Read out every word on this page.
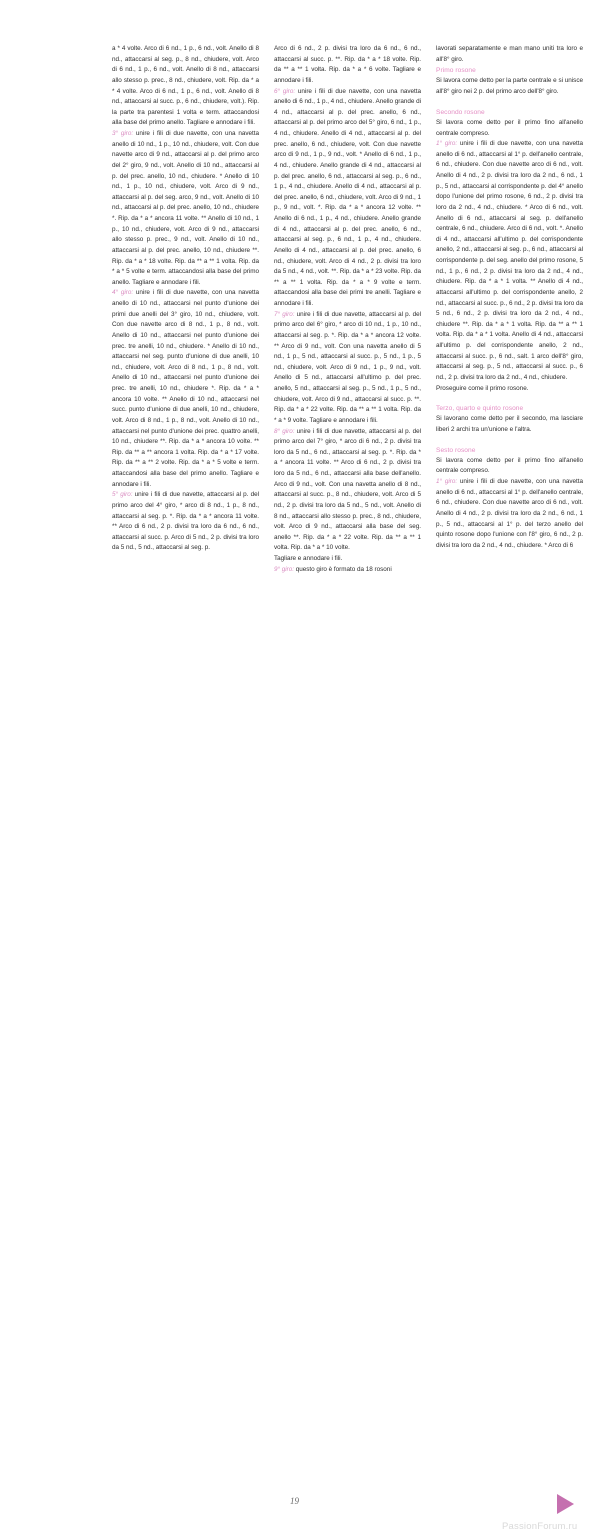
a * 4 volte. Arco di 6 nd., 1 p., 6 nd., volt. Anello di 8 nd., attaccarsi al seg. p., 8 nd., chiudere, volt. Arco di 6 nd., 1 p., 6 nd., volt. Anello di 8 nd., attaccarsi allo stesso p. prec., 8 nd., chiudere, volt. Rip. da * a * 4 volte. Arco di 6 nd., 1 p., 6 nd., volt. Anello di 8 nd., attaccarsi al succ. p., 6 nd., chiudere, volt.). Rip. la parte tra parentesi 1 volta e term. attaccandosi alla base del primo anello. Tagliare e annodare i fili.

3° giro: unire i fili di due navette, con una navetta anello di 10 nd., 1 p., 10 nd., chiudere, volt. Con due navette arco di 9 nd., attaccarsi al p. del primo arco del 2° giro, 9 nd., volt. Anello di 10 nd., attaccarsi al p. del prec. anello, 10 nd., chiudere. * Anello di 10 nd., 1 p., 10 nd., chiudere, volt. Arco di 9 nd., attaccarsi al p. del seg. arco, 9 nd., volt. Anello di 10 nd., attaccarsi al p. del prec. anello, 10 nd., chiudere *. Rip. da * a * ancora 11 volte. ** Anello di 10 nd., 1 p., 10 nd., chiudere, volt. Arco di 9 nd., attaccarsi allo stesso p. prec., 9 nd., volt. Anello di 10 nd., attaccarsi al p. del prec. anello, 10 nd., chiudere **. Rip. da * a * 18 volte. Rip. da ** a ** 1 volta. Rip. da * a * 5 volte e term. attaccandosi alla base del primo anello. Tagliare e annodare i fili.

4° giro: unire i fili di due navette, con una navetta anello di 10 nd., attaccarsi nel punto d'unione dei primi due anelli del 3° giro, 10 nd., chiudere, volt. Con due navette arco di 8 nd., 1 p., 8 nd., volt. Anello di 10 nd., attaccarsi nel punto d'unione dei prec. tre anelli, 10 nd., chiudere. * Anello di 10 nd., attaccarsi nel seg. punto d'unione di due anelli, 10 nd., chiudere, volt. Arco di 8 nd., 1 p., 8 nd., volt. Anello di 10 nd., attaccarsi nel punto d'unione dei prec. tre anelli, 10 nd., chiudere *. Rip. da * a * ancora 10 volte. ** Anello di 10 nd., attaccarsi nel succ. punto d'unione di due anelli, 10 nd., chiudere, volt. Arco di 8 nd., 1 p., 8 nd., volt. Anello di 10 nd., attaccarsi nel punto d'unione dei prec. quattro anelli, 10 nd., chiudere **. Rip. da * a * ancora 10 volte. ** Rip. da ** a ** ancora 1 volta. Rip. da * a * 17 volte. Rip. da ** a ** 2 volte. Rip. da * a * 5 volte e term. attaccandosi alla base del primo anello. Tagliare e annodare i fili.

5° giro: unire i fili di due navette, attaccarsi al p. del primo arco del 4° giro, * arco di 8 nd., 1 p., 8 nd., attaccarsi al seg. p. *. Rip. da * a * ancora 11 volte. ** Arco di 6 nd., 2 p. divisi tra loro da 6 nd., 6 nd., attaccarsi al succ. p. Arco di 5 nd., 2 p. divisi tra loro da 5 nd., 5 nd., attaccarsi al seg. p.

Arco di 6 nd., 2 p. divisi tra loro da 6 nd., 6 nd., attaccarsi al succ. p. **. Rip. da * a * 18 volte. Rip. da ** a ** 1 volta. Rip. da * a * 6 volte. Tagliare e annodare i fili.

6° giro: unire i fili di due navette, con una navetta anello di 6 nd., 1 p., 4 nd., chiudere. Anello grande di 4 nd., attaccarsi al p. del prec. anello, 6 nd., attaccarsi al p. del primo arco del 5° giro, 6 nd., 1 p., 4 nd., chiudere. Anello di 4 nd., attaccarsi al p. del prec. anello, 6 nd., chiudere, volt. Con due navette arco di 9 nd., 1 p., 9 nd., volt. * Anello di 6 nd., 1 p., 4 nd., chiudere. Anello grande di 4 nd., attaccarsi al p. del prec. anello, 6 nd., attaccarsi al seg. p., 6 nd., 1 p., 4 nd., chiudere. Anello di 4 nd., attaccarsi al p. del prec. anello, 6 nd., chiudere, volt. Arco di 9 nd., 1 p., 9 nd., volt. *. Rip. da * a * ancora 12 volte. ** Anello di 6 nd., 1 p., 4 nd., chiudere. Anello grande di 4 nd., attaccarsi al p. del prec. anello, 6 nd., attaccarsi al seg. p., 6 nd., 1 p., 4 nd., chiudere. Anello di 4 nd., attaccarsi al p. del prec. anello, 6 nd., chiudere, volt. Arco di 4 nd., 2 p. divisi tra loro da 5 nd., 4 nd., volt. **. Rip. da * a * 23 volte. Rip. da ** a ** 1 volta. Rip. da * a * 9 volte e term. attaccandosi alla base dei primi tre anelli. Tagliare e annodare i fili.

7° giro: unire i fili di due navette, attaccarsi al p. del primo arco del 6° giro, * arco di 10 nd., 1 p., 10 nd., attaccarsi al seg. p. *. Rip. da * a * ancora 12 volte. ** Arco di 9 nd., volt. Con una navetta anello di 5 nd., 1 p., 5 nd., attaccarsi al succ. p., 5 nd., 1 p., 5 nd., chiudere, volt. Arco di 9 nd., 1 p., 9 nd., volt. Anello di 5 nd., attaccarsi all'ultimo p. del prec. anello, 5 nd., attaccarsi al seg. p., 5 nd., 1 p., 5 nd., chiudere, volt. Arco di 9 nd., attaccarsi al succ. p. **. Rip. da * a * 22 volte. Rip. da ** a ** 1 volta. Rip. da * a * 9 volte. Tagliare e annodare i fili.

8° giro: unire i fili di due navette, attaccarsi al p. del primo arco del 7° giro, * arco di 6 nd., 2 p. divisi tra loro da 5 nd., 6 nd., attaccarsi al seg. p. *. Rip. da * a * ancora 11 volte. ** Arco di 6 nd., 2 p. divisi tra loro da 5 nd., 6 nd., attaccarsi alla base dell'anello. Arco di 9 nd., volt. Con una navetta anello di 8 nd., attaccarsi al succ. p., 8 nd., chiudere, volt. Arco di 5 nd., 2 p. divisi tra loro da 5 nd., 5 nd., volt. Anello di 8 nd., attaccarsi allo stesso p. prec., 8 nd., chiudere, volt. Arco di 9 nd., attaccarsi alla base del seg. anello **. Rip. da * a * 22 volte. Rip. da ** a ** 1 volta. Rip. da * a * 10 volte.

Tagliare e annodare i fili.

9° giro: questo giro è formato da 18 rosoni

lavorati separatamente e man mano uniti tra loro e all'8° giro.

Primo rosone

Si lavora come detto per la parte centrale e si unisce all'8° giro nei 2 p. del primo arco dell'8° giro.

Secondo rosone

Si lavora come detto per il primo fino all'anello centrale compreso.

1° giro: unire i fili di due navette, con una navetta anello di 6 nd., attaccarsi al 1° p. dell'anello centrale, 6 nd., chiudere. Con due navette arco di 6 nd., volt. Anello di 4 nd., 2 p. divisi tra loro da 2 nd., 6 nd., 1 p., 5 nd., attaccarsi al corrispondente p. del 4° anello dopo l'unione del primo rosone, 6 nd., 2 p. divisi tra loro da 2 nd., 4 nd., chiudere. * Arco di 6 nd., volt. Anello di 6 nd., attaccarsi al seg. p. dell'anello centrale, 6 nd., chiudere. Arco di 6 nd., volt. *. Anello di 4 nd., attaccarsi all'ultimo p. del corrispondente anello, 2 nd., attaccarsi al seg. p., 6 nd., attaccarsi al corrispondente p. del seg. anello del primo rosone, 5 nd., 1 p., 6 nd., 2 p. divisi tra loro da 2 nd., 4 nd., chiudere. Rip. da * a * 1 volta. ** Anello di 4 nd., attaccarsi all'ultimo p. del corrispondente anello, 2 nd., attaccarsi al succ. p., 6 nd., 2 p. divisi tra loro da 5 nd., 6 nd., 2 p. divisi tra loro da 2 nd., 4 nd., chiudere **. Rip. da * a * 1 volta. Rip. da ** a ** 1 volta. Rip. da * a * 1 volta. Anello di 4 nd., attaccarsi all'ultimo p. del corrispondente anello, 2 nd., attaccarsi al succ. p., 6 nd., salt. 1 arco dell'8° giro, attaccarsi al seg. p., 5 nd., attaccarsi al succ. p., 6 nd., 2 p. divisi tra loro da 2 nd., 4 nd., chiudere.

Proseguire come il primo rosone.

Terzo, quarto e quinto rosone

Si lavorano come detto per il secondo, ma lasciare liberi 2 archi tra un'unione e l'altra.

Sesto rosone

Si lavora come detto per il primo fino all'anello centrale compreso.

1° giro: unire i fili di due navette, con una navetta anello di 6 nd., attaccarsi al 1° p. dell'anello centrale, 6 nd., chiudere. Con due navette arco di 6 nd., volt. Anello di 4 nd., 2 p. divisi tra loro da 2 nd., 6 nd., 1 p., 5 nd., attaccarsi al 1° p. del terzo anello del quinto rosone dopo l'unione con l'8° giro, 6 nd., 2 p. divisi tra loro da 2 nd., 4 nd., chiudere. * Arco di 6

19
PassionForum.ru
